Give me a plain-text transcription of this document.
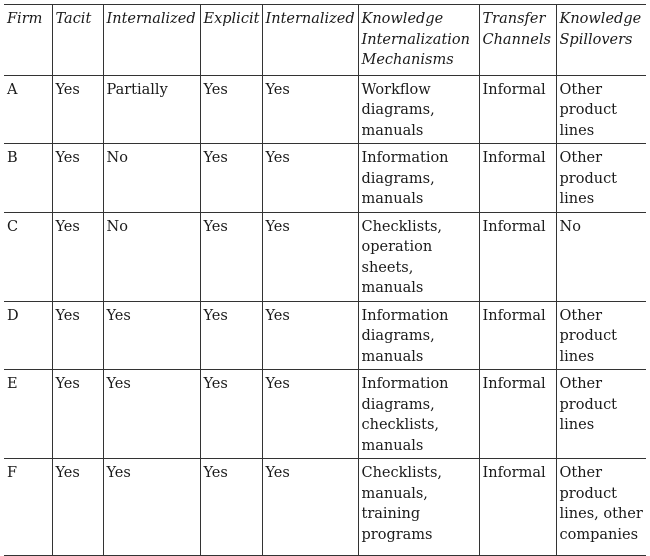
Firm	Tacit	Internalized	Explicit	Internalized	Knowledge Internalization Mechanisms	Transfer Channels	Knowledge Spillovers
A	Yes	Partially	Yes	Yes	Workflow diagrams, manuals	Informal	Other product lines
B	Yes	No	Yes	Yes	Information diagrams, manuals	Informal	Other product lines
C	Yes	No	Yes	Yes	Checklists, operation sheets, manuals	Informal	No
D	Yes	Yes	Yes	Yes	Information diagrams, manuals	Informal	Other product lines
E	Yes	Yes	Yes	Yes	Information diagrams, checklists, manuals	Informal	Other product lines
F	Yes	Yes	Yes	Yes	Checklists, manuals, training programs	Informal	Other product lines, other companies
